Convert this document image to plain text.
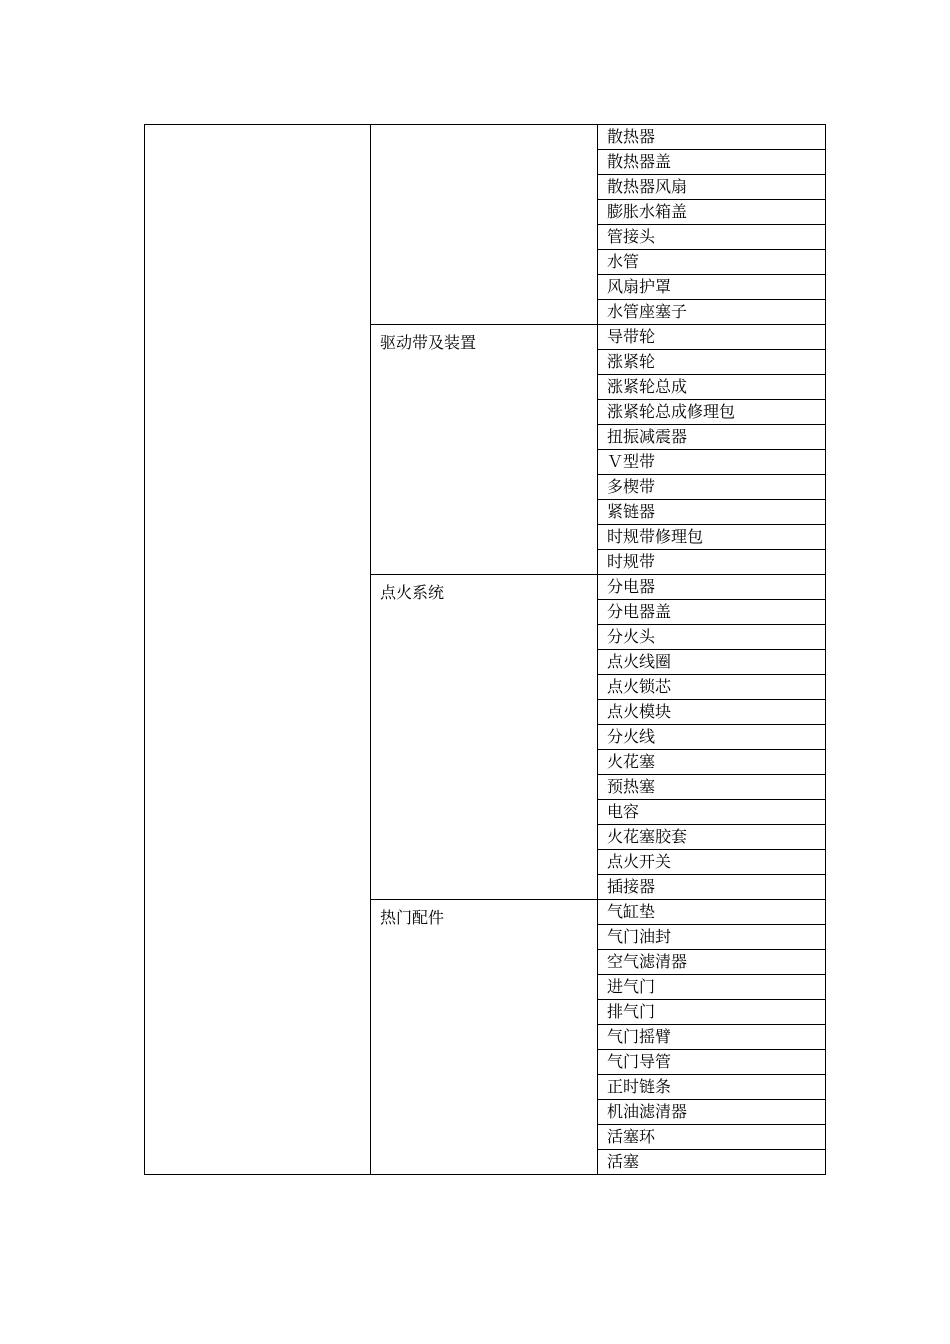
		散热器
		散热器盖
		散热器风扇
		膨胀水箱盖
		管接头
		水管
		风扇护罩
		水管座塞子
	驱动带及装置	导带轮
		涨紧轮
		涨紧轮总成
		涨紧轮总成修理包
		扭振减震器
		Ｖ型带
		多楔带
		紧链器
		时规带修理包
		时规带
	点火系统	分电器
		分电器盖
		分火头
		点火线圈
		点火锁芯
		点火模块
		分火线
		火花塞
		预热塞
		电容
		火花塞胶套
		点火开关
		插接器
	热门配件	气缸垫
		气门油封
		空气滤清器
		进气门
		排气门
		气门摇臂
		气门导管
		正时链条
		机油滤清器
		活塞环
		活塞
